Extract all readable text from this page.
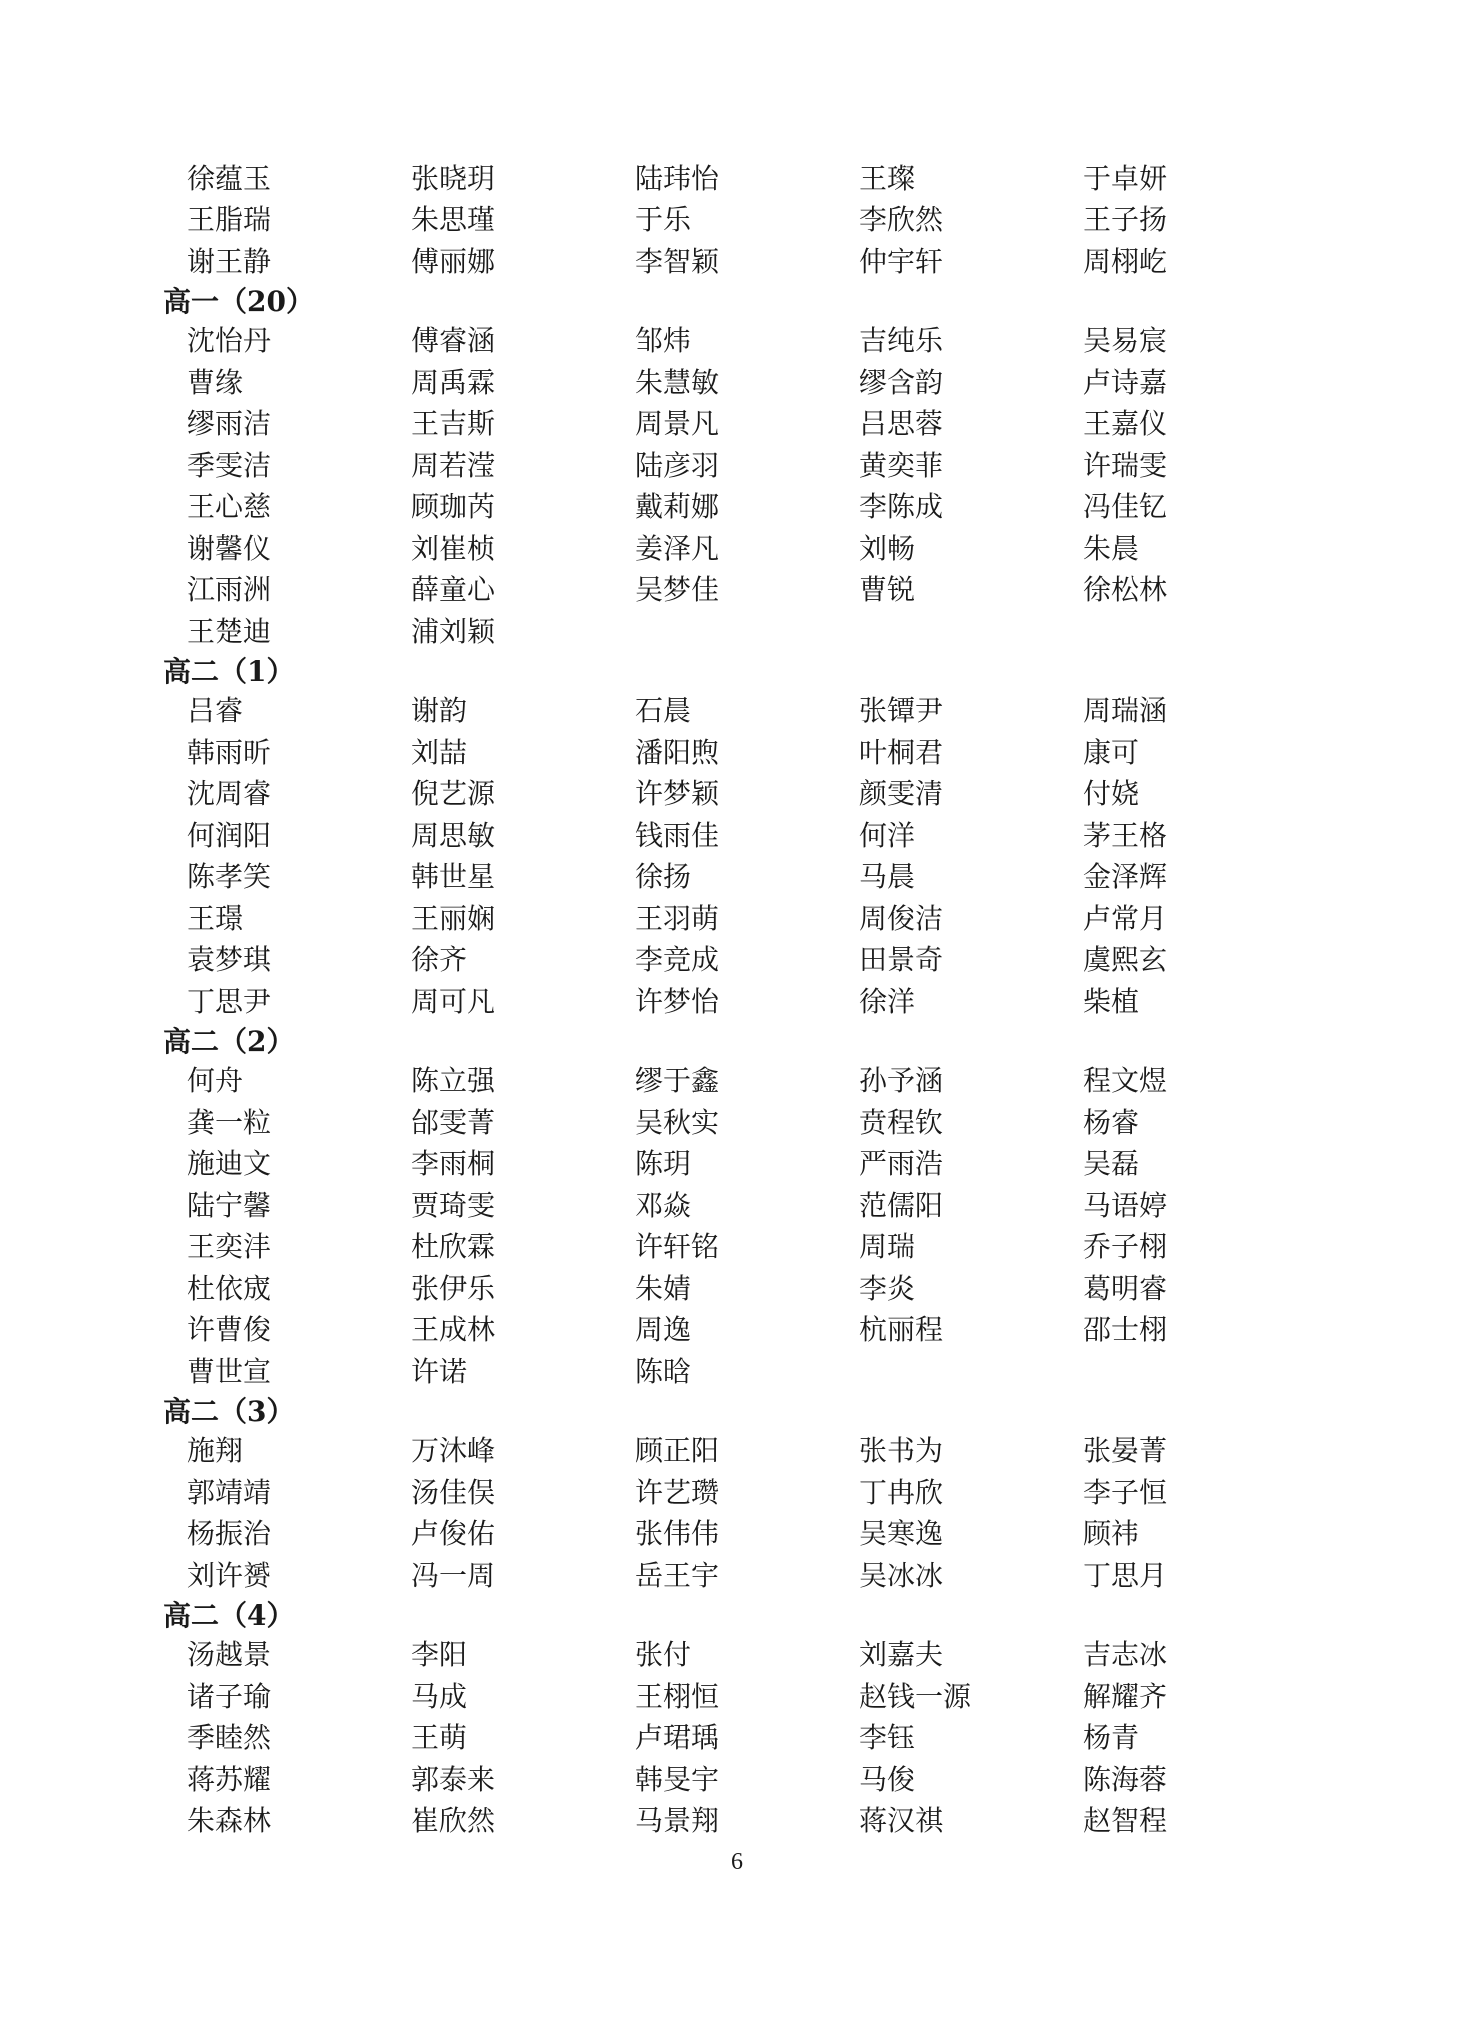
徐蕴玉	张晓玥	陆玮怡	王璨	于卓妍
王脂瑞	朱思瑾	于乐	李欣然	王子扬
谢王静	傅丽娜	李智颖	仲宇轩	周栩屹
高一（20）
沈怡丹	傅睿涵	邹炜	吉纯乐	吴易宸
曹缘	周禹霖	朱慧敏	缪含韵	卢诗嘉
缪雨洁	王吉斯	周景凡	吕思蓉	王嘉仪
季雯洁	周若滢	陆彦羽	黄奕菲	许瑞雯
王心慈	顾珈芮	戴莉娜	李陈成	冯佳钇
谢馨仪	刘崔桢	姜泽凡	刘畅	朱晨
江雨洲	薛童心	吴梦佳	曹锐	徐松林
王楚迪	浦刘颖
高二（1）
吕睿	谢韵	石晨	张镡尹	周瑞涵
韩雨昕	刘喆	潘阳煦	叶桐君	康可
沈周睿	倪艺源	许梦颖	颜雯清	付娆
何润阳	周思敏	钱雨佳	何洋	茅王格
陈孝笑	韩世星	徐扬	马晨	金泽辉
王璟	王丽娴	王羽萌	周俊洁	卢常月
袁梦琪	徐齐	李竞成	田景奇	虞熙玄
丁思尹	周可凡	许梦怡	徐洋	柴植
高二（2）
何舟	陈立强	缪于鑫	孙予涵	程文煜
龚一粒	邰雯菁	吴秋实	贲程钦	杨睿
施迪文	李雨桐	陈玥	严雨浩	吴磊
陆宁馨	贾琦雯	邓焱	范儒阳	马语婷
王奕沣	杜欣霖	许轩铭	周瑞	乔子栩
杜依宬	张伊乐	朱婧	李炎	葛明睿
许曹俊	王成林	周逸	杭丽程	邵士栩
曹世宣	许诺	陈晗
高二（3）
施翔	万沐峰	顾正阳	张书为	张晏菁
郭靖靖	汤佳俣	许艺瓒	丁冉欣	李子恒
杨振治	卢俊佑	张伟伟	吴寒逸	顾祎
刘许赟	冯一周	岳王宇	吴冰冰	丁思月
高二（4）
汤越景	李阳	张付	刘嘉夫	吉志冰
诸子瑜	马成	王栩恒	赵钱一源	解耀齐
季睦然	王萌	卢珺瑀	李钰	杨青
蒋苏耀	郭泰来	韩旻宇	马俊	陈海蓉
朱森林	崔欣然	马景翔	蒋汉祺	赵智程
6
